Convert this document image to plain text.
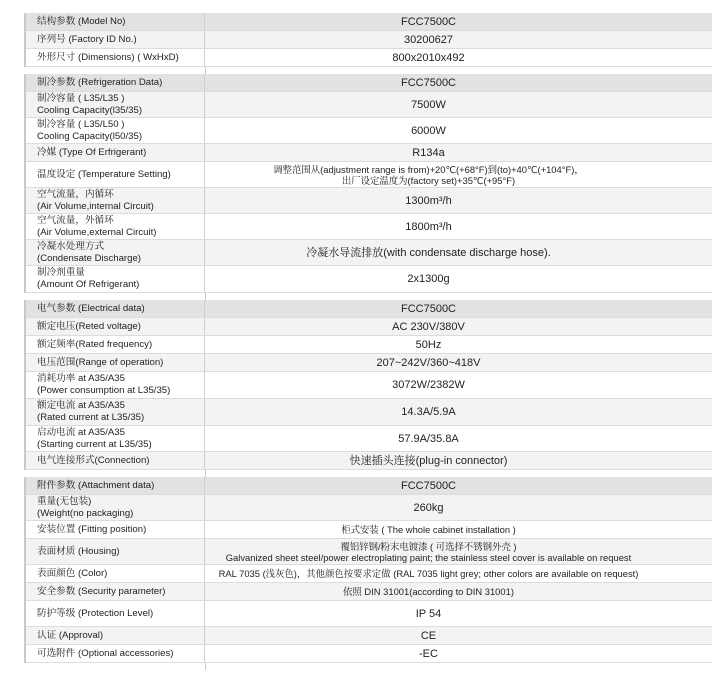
结构参数 (Model No)	FCC7500C
序列号 (Factory ID No.)	30200627
外形尺寸 (Dimensions) ( WxHxD)	800x2010x492
制冷参数 (Refrigeration Data)	FCC7500C
制冷容量 ( L35/L35 )
Cooling Capacity(l35/35)	7500W
制冷容量 ( L35/L50 )
Cooling Capacity(l50/35)	6000W
冷媒 (Type Of Erfrigerant)	R134a
温度设定 (Temperature Setting)	调整范围从(adjustment range is from)+20℃(+68°F)到(to)+40℃(+104°F)，
出厂设定温度为(factory set)+35℃(+95°F)
空气流量，内循环
(Air Volume,internal Circuit)	1300m³/h
空气流量，外循环
(Air Volume,external Circuit)	1800m³/h
冷凝水处理方式
(Condensate Discharge)	冷凝水导流排放(with condensate discharge hose).
制冷剂重量
(Amount Of Refrigerant)	2x1300g
电气参数 (Electrical data)	FCC7500C
额定电压(Reted voltage)	AC 230V/380V
额定频率(Rated frequency)	50Hz
电压范围(Range of operation)	207~242V/360~418V
消耗功率 at A35/A35
(Power consumption at L35/35)	3072W/2382W
额定电流 at A35/A35
(Rated current at L35/35)	14.3A/5.9A
启动电流 at A35/A35
(Starting current at L35/35)	57.9A/35.8A
电气连接形式(Connection)	快速插头连接(plug-in connector)
附件参数 (Attachment data)	FCC7500C
重量(无包装)
(Weight(no packaging)	260kg
安装位置 (Fitting position)	柜式安装 ( The whole cabinet installation )
表面材质 (Housing)	覆铝锌钢/粉末电镀漆 ( 可选择不锈钢外壳 )
Galvanized sheet steel/power electroplating paint; the stainless steel cover is available on request
表面颜色 (Color)	RAL 7035 (浅灰色)，其他颜色按要求定做 (RAL 7035 light grey; other colors are available on request)
安全参数 (Security parameter)	依照 DIN 31001(according to DIN 31001)
防护等级 (Protection Level)	IP 54
认证 (Approval)	CE
可选附件 (Optional accessories)	-EC
